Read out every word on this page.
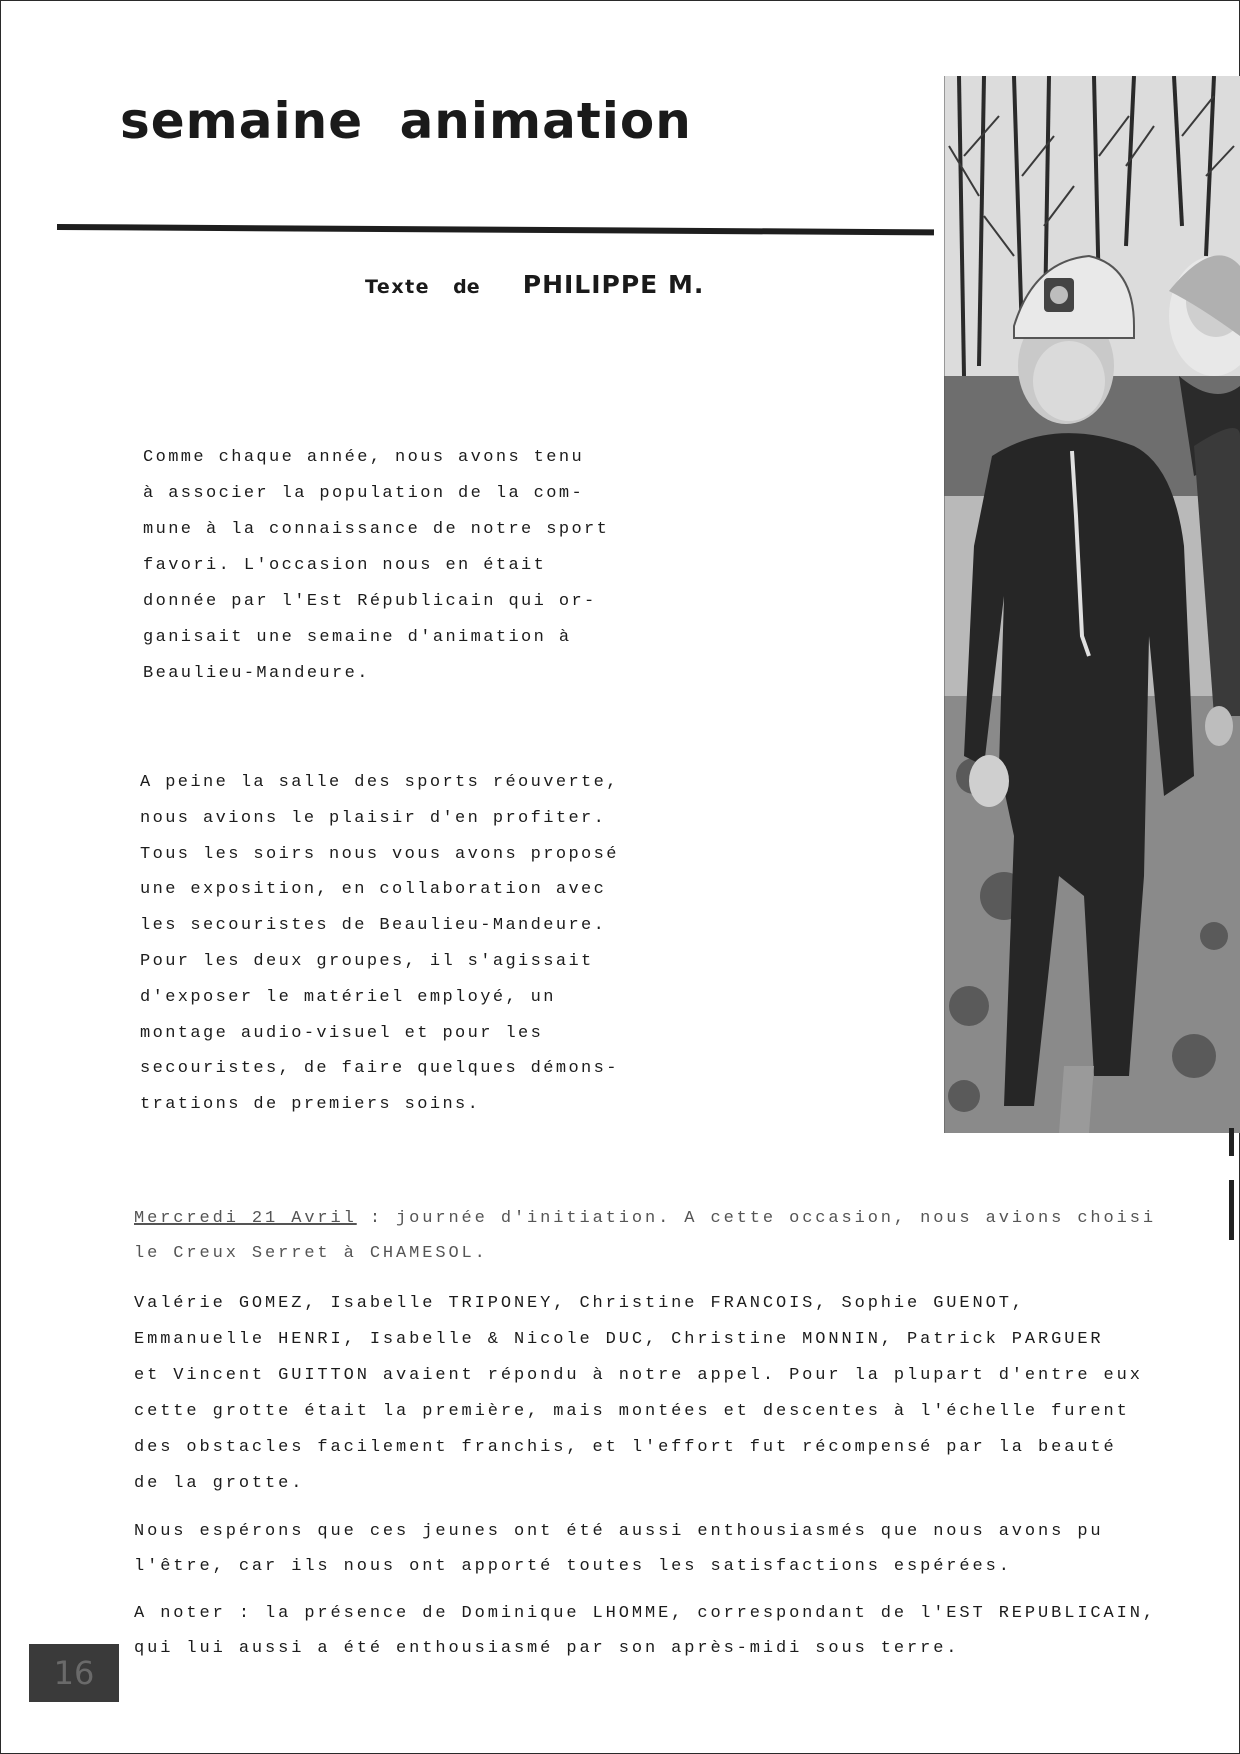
semaine animation
Texte de PHILIPPE M.

Comme chaque année, nous avons tenu
à associer la population de la com-
mune à la connaissance de notre sport
favori. L'occasion nous en était
donnée par l'Est Républicain qui or-
ganisait une semaine d'animation à
Beaulieu-Mandeure.

A peine la salle des sports réouverte,
nous avions le plaisir d'en profiter.
Tous les soirs nous vous avons proposé
une exposition, en collaboration avec
les secouristes de Beaulieu-Mandeure.
Pour les deux groupes, il s'agissait
d'exposer le matériel employé, un
montage audio-visuel et pour les
secouristes, de faire quelques démons-
trations de premiers soins.

Mercredi 21 Avril : journée d'initiation. A cette occasion, nous avions choisi
le Creux Serret à CHAMESOL.

Valérie GOMEZ, Isabelle TRIPONEY, Christine FRANCOIS, Sophie GUENOT,
Emmanuelle HENRI, Isabelle & Nicole DUC, Christine MONNIN, Patrick PARGUER
et Vincent GUITTON avaient répondu à notre appel. Pour la plupart d'entre eux
cette grotte était la première, mais montées et descentes à l'échelle furent
des obstacles facilement franchis, et l'effort fut récompensé par la beauté
de la grotte.

Nous espérons que ces jeunes ont été aussi enthousiasmés que nous avons pu
l'être, car ils nous ont apporté toutes les satisfactions espérées.

A noter : la présence de Dominique LHOMME, correspondant de l'EST REPUBLICAIN,
qui lui aussi a été enthousiasmé par son après-midi sous terre.

16
